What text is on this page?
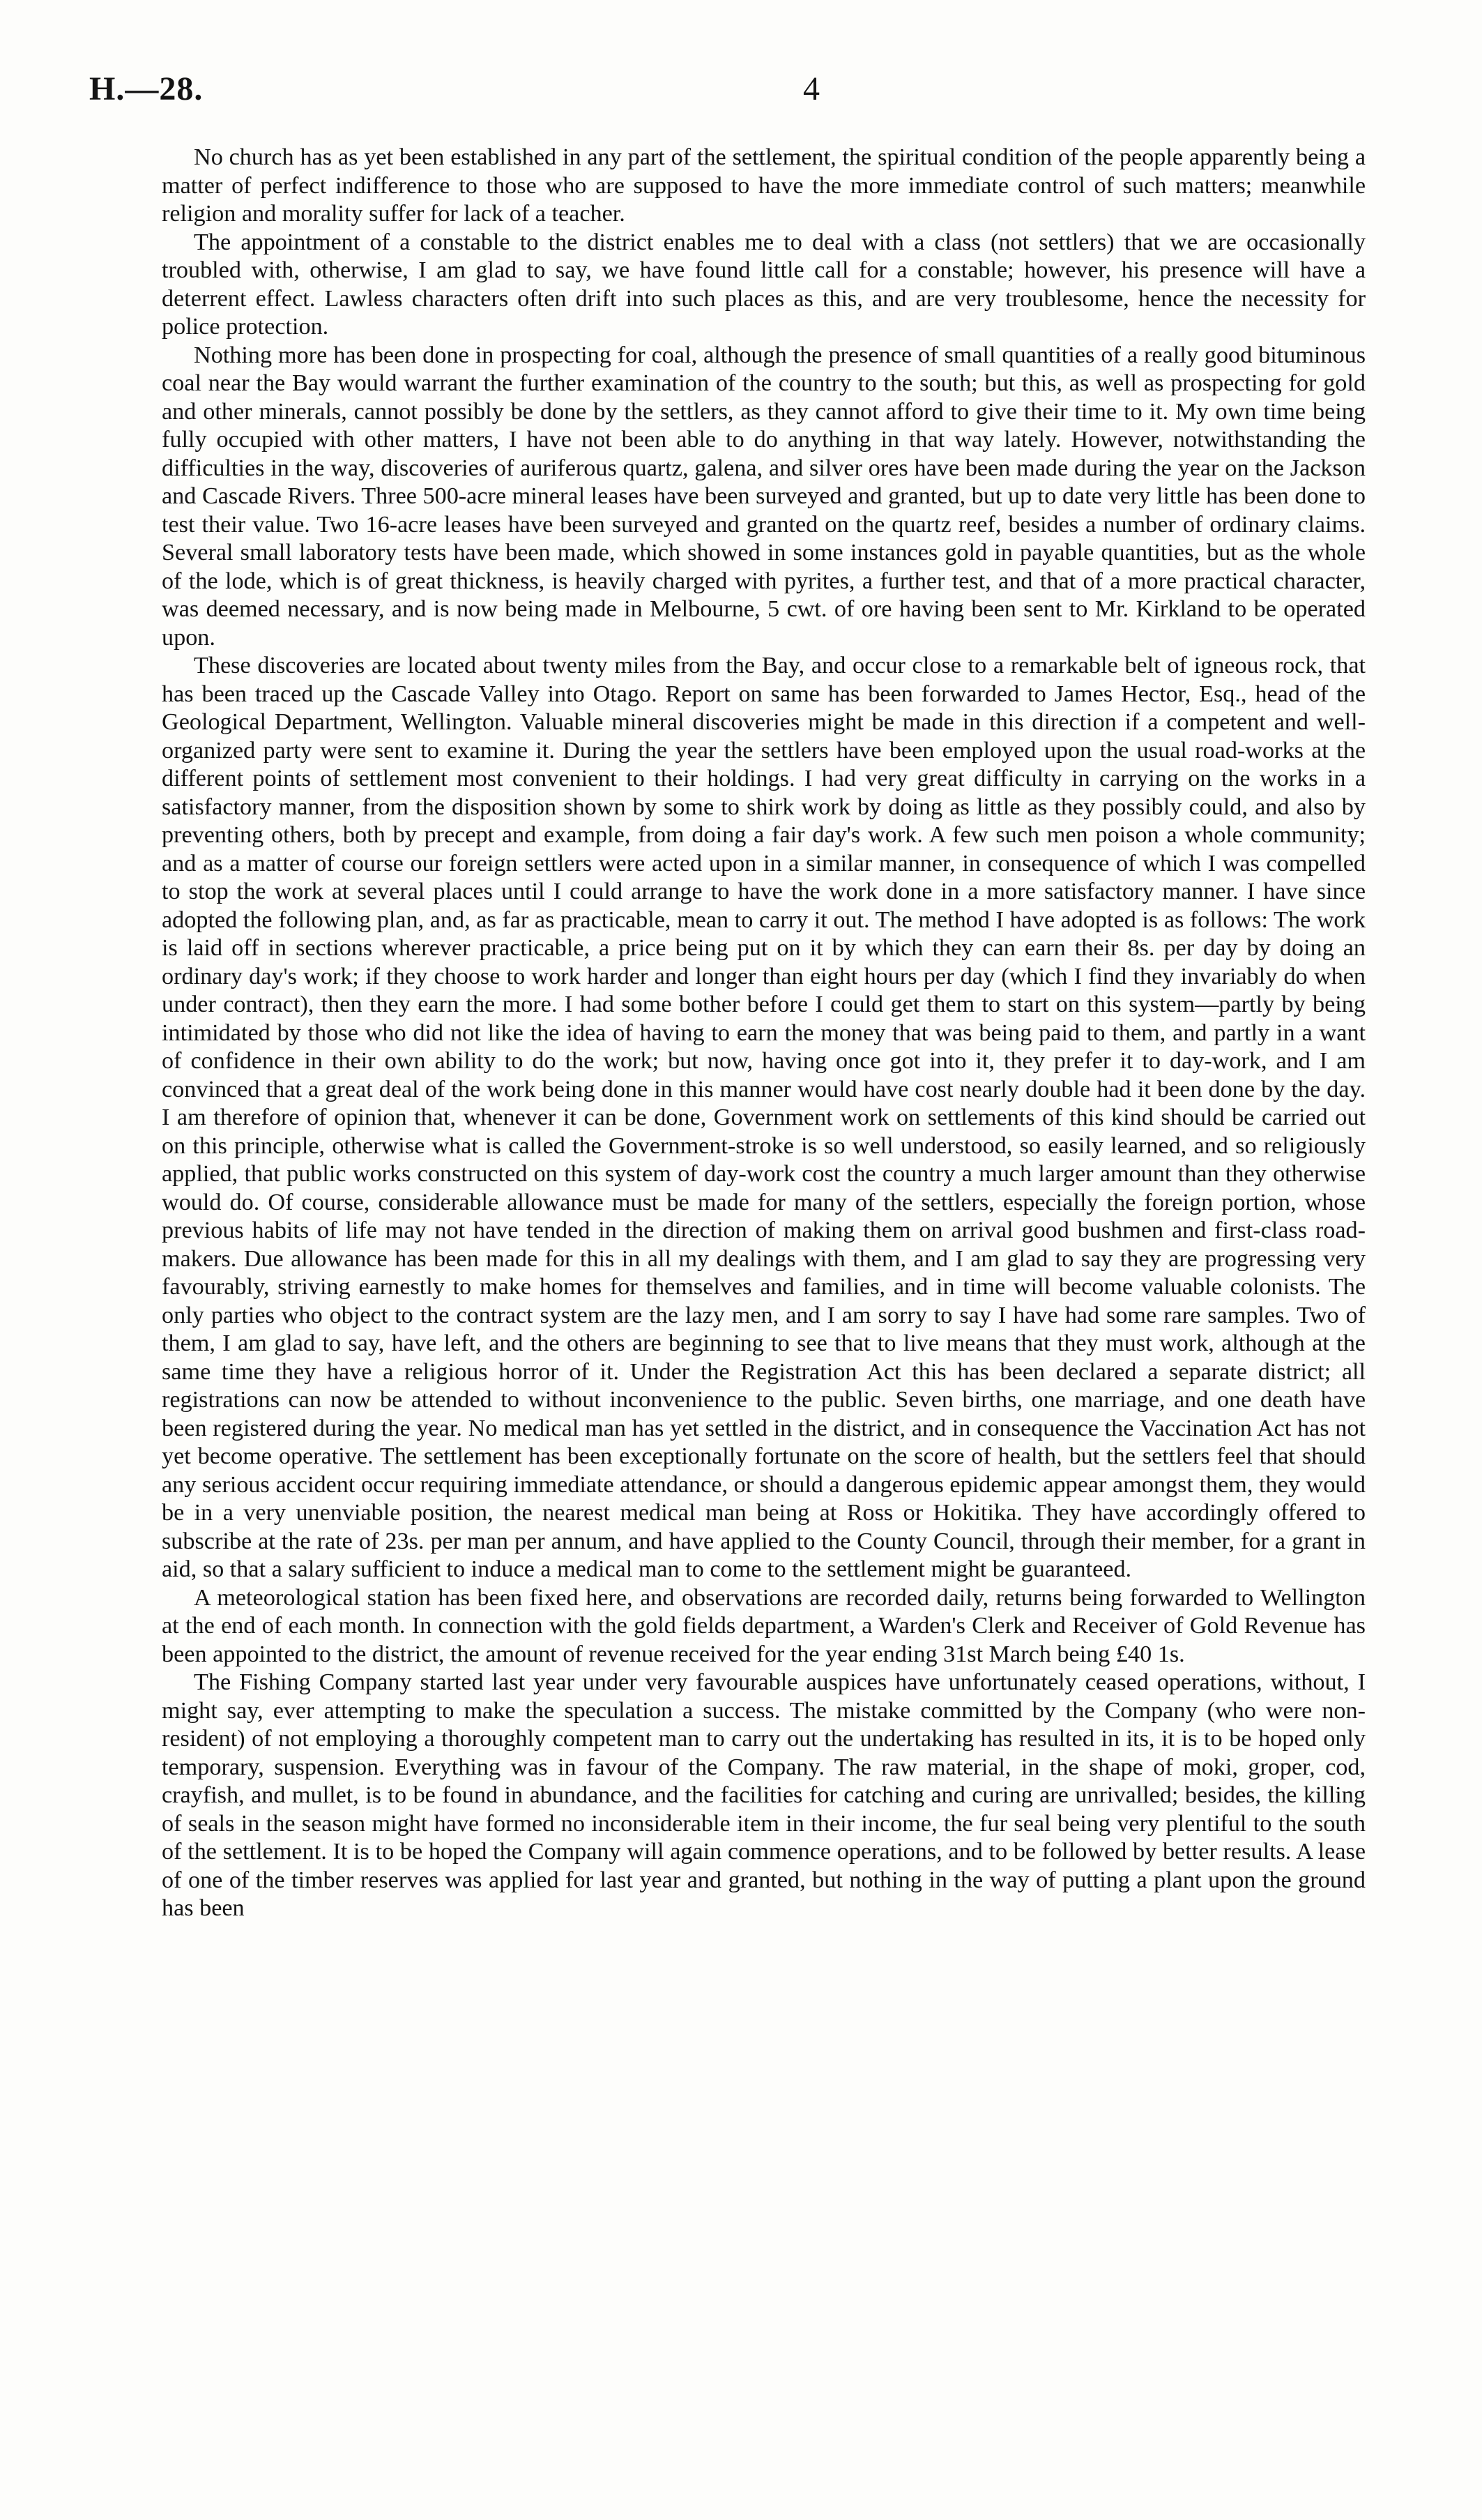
H.—28.	4

No church has as yet been established in any part of the settlement, the spiritual condition of the people apparently being a matter of perfect indifference to those who are supposed to have the more immediate control of such matters; meanwhile religion and morality suffer for lack of a teacher.

The appointment of a constable to the district enables me to deal with a class (not settlers) that we are occasionally troubled with, otherwise, I am glad to say, we have found little call for a constable; however, his presence will have a deterrent effect. Lawless characters often drift into such places as this, and are very troublesome, hence the necessity for police protection.

Nothing more has been done in prospecting for coal, although the presence of small quantities of a really good bituminous coal near the Bay would warrant the further examination of the country to the south; but this, as well as prospecting for gold and other minerals, cannot possibly be done by the settlers, as they cannot afford to give their time to it. My own time being fully occupied with other matters, I have not been able to do anything in that way lately. However, notwithstanding the difficulties in the way, discoveries of auriferous quartz, galena, and silver ores have been made during the year on the Jackson and Cascade Rivers. Three 500-acre mineral leases have been surveyed and granted, but up to date very little has been done to test their value. Two 16-acre leases have been surveyed and granted on the quartz reef, besides a number of ordinary claims. Several small laboratory tests have been made, which showed in some instances gold in payable quantities, but as the whole of the lode, which is of great thickness, is heavily charged with pyrites, a further test, and that of a more practical character, was deemed necessary, and is now being made in Melbourne, 5 cwt. of ore having been sent to Mr. Kirkland to be operated upon.

These discoveries are located about twenty miles from the Bay, and occur close to a remarkable belt of igneous rock, that has been traced up the Cascade Valley into Otago. Report on same has been forwarded to James Hector, Esq., head of the Geological Department, Wellington. Valuable mineral discoveries might be made in this direction if a competent and well-organized party were sent to examine it. During the year the settlers have been employed upon the usual road-works at the different points of settlement most convenient to their holdings. I had very great difficulty in carrying on the works in a satisfactory manner, from the disposition shown by some to shirk work by doing as little as they possibly could, and also by preventing others, both by precept and example, from doing a fair day's work. A few such men poison a whole community; and as a matter of course our foreign settlers were acted upon in a similar manner, in consequence of which I was compelled to stop the work at several places until I could arrange to have the work done in a more satisfactory manner. I have since adopted the following plan, and, as far as practicable, mean to carry it out. The method I have adopted is as follows: The work is laid off in sections wherever practicable, a price being put on it by which they can earn their 8s. per day by doing an ordinary day's work; if they choose to work harder and longer than eight hours per day (which I find they invariably do when under contract), then they earn the more. I had some bother before I could get them to start on this system—partly by being intimidated by those who did not like the idea of having to earn the money that was being paid to them, and partly in a want of confidence in their own ability to do the work; but now, having once got into it, they prefer it to day-work, and I am convinced that a great deal of the work being done in this manner would have cost nearly double had it been done by the day. I am therefore of opinion that, whenever it can be done, Government work on settlements of this kind should be carried out on this principle, otherwise what is called the Government-stroke is so well understood, so easily learned, and so religiously applied, that public works constructed on this system of day-work cost the country a much larger amount than they otherwise would do. Of course, considerable allowance must be made for many of the settlers, especially the foreign portion, whose previous habits of life may not have tended in the direction of making them on arrival good bushmen and first-class road-makers. Due allowance has been made for this in all my dealings with them, and I am glad to say they are progressing very favourably, striving earnestly to make homes for themselves and families, and in time will become valuable colonists. The only parties who object to the contract system are the lazy men, and I am sorry to say I have had some rare samples. Two of them, I am glad to say, have left, and the others are beginning to see that to live means that they must work, although at the same time they have a religious horror of it. Under the Registration Act this has been declared a separate district; all registrations can now be attended to without inconvenience to the public. Seven births, one marriage, and one death have been registered during the year. No medical man has yet settled in the district, and in consequence the Vaccination Act has not yet become operative. The settlement has been exceptionally fortunate on the score of health, but the settlers feel that should any serious accident occur requiring immediate attendance, or should a dangerous epidemic appear amongst them, they would be in a very unenviable position, the nearest medical man being at Ross or Hokitika. They have accordingly offered to subscribe at the rate of 23s. per man per annum, and have applied to the County Council, through their member, for a grant in aid, so that a salary sufficient to induce a medical man to come to the settlement might be guaranteed.

A meteorological station has been fixed here, and observations are recorded daily, returns being forwarded to Wellington at the end of each month. In connection with the gold fields department, a Warden's Clerk and Receiver of Gold Revenue has been appointed to the district, the amount of revenue received for the year ending 31st March being £40 1s.

The Fishing Company started last year under very favourable auspices have unfortunately ceased operations, without, I might say, ever attempting to make the speculation a success. The mistake committed by the Company (who were non-resident) of not employing a thoroughly competent man to carry out the undertaking has resulted in its, it is to be hoped only temporary, suspension. Everything was in favour of the Company. The raw material, in the shape of moki, groper, cod, crayfish, and mullet, is to be found in abundance, and the facilities for catching and curing are unrivalled; besides, the killing of seals in the season might have formed no inconsiderable item in their income, the fur seal being very plentiful to the south of the settlement. It is to be hoped the Company will again commence operations, and to be followed by better results. A lease of one of the timber reserves was applied for last year and granted, but nothing in the way of putting a plant upon the ground has been
